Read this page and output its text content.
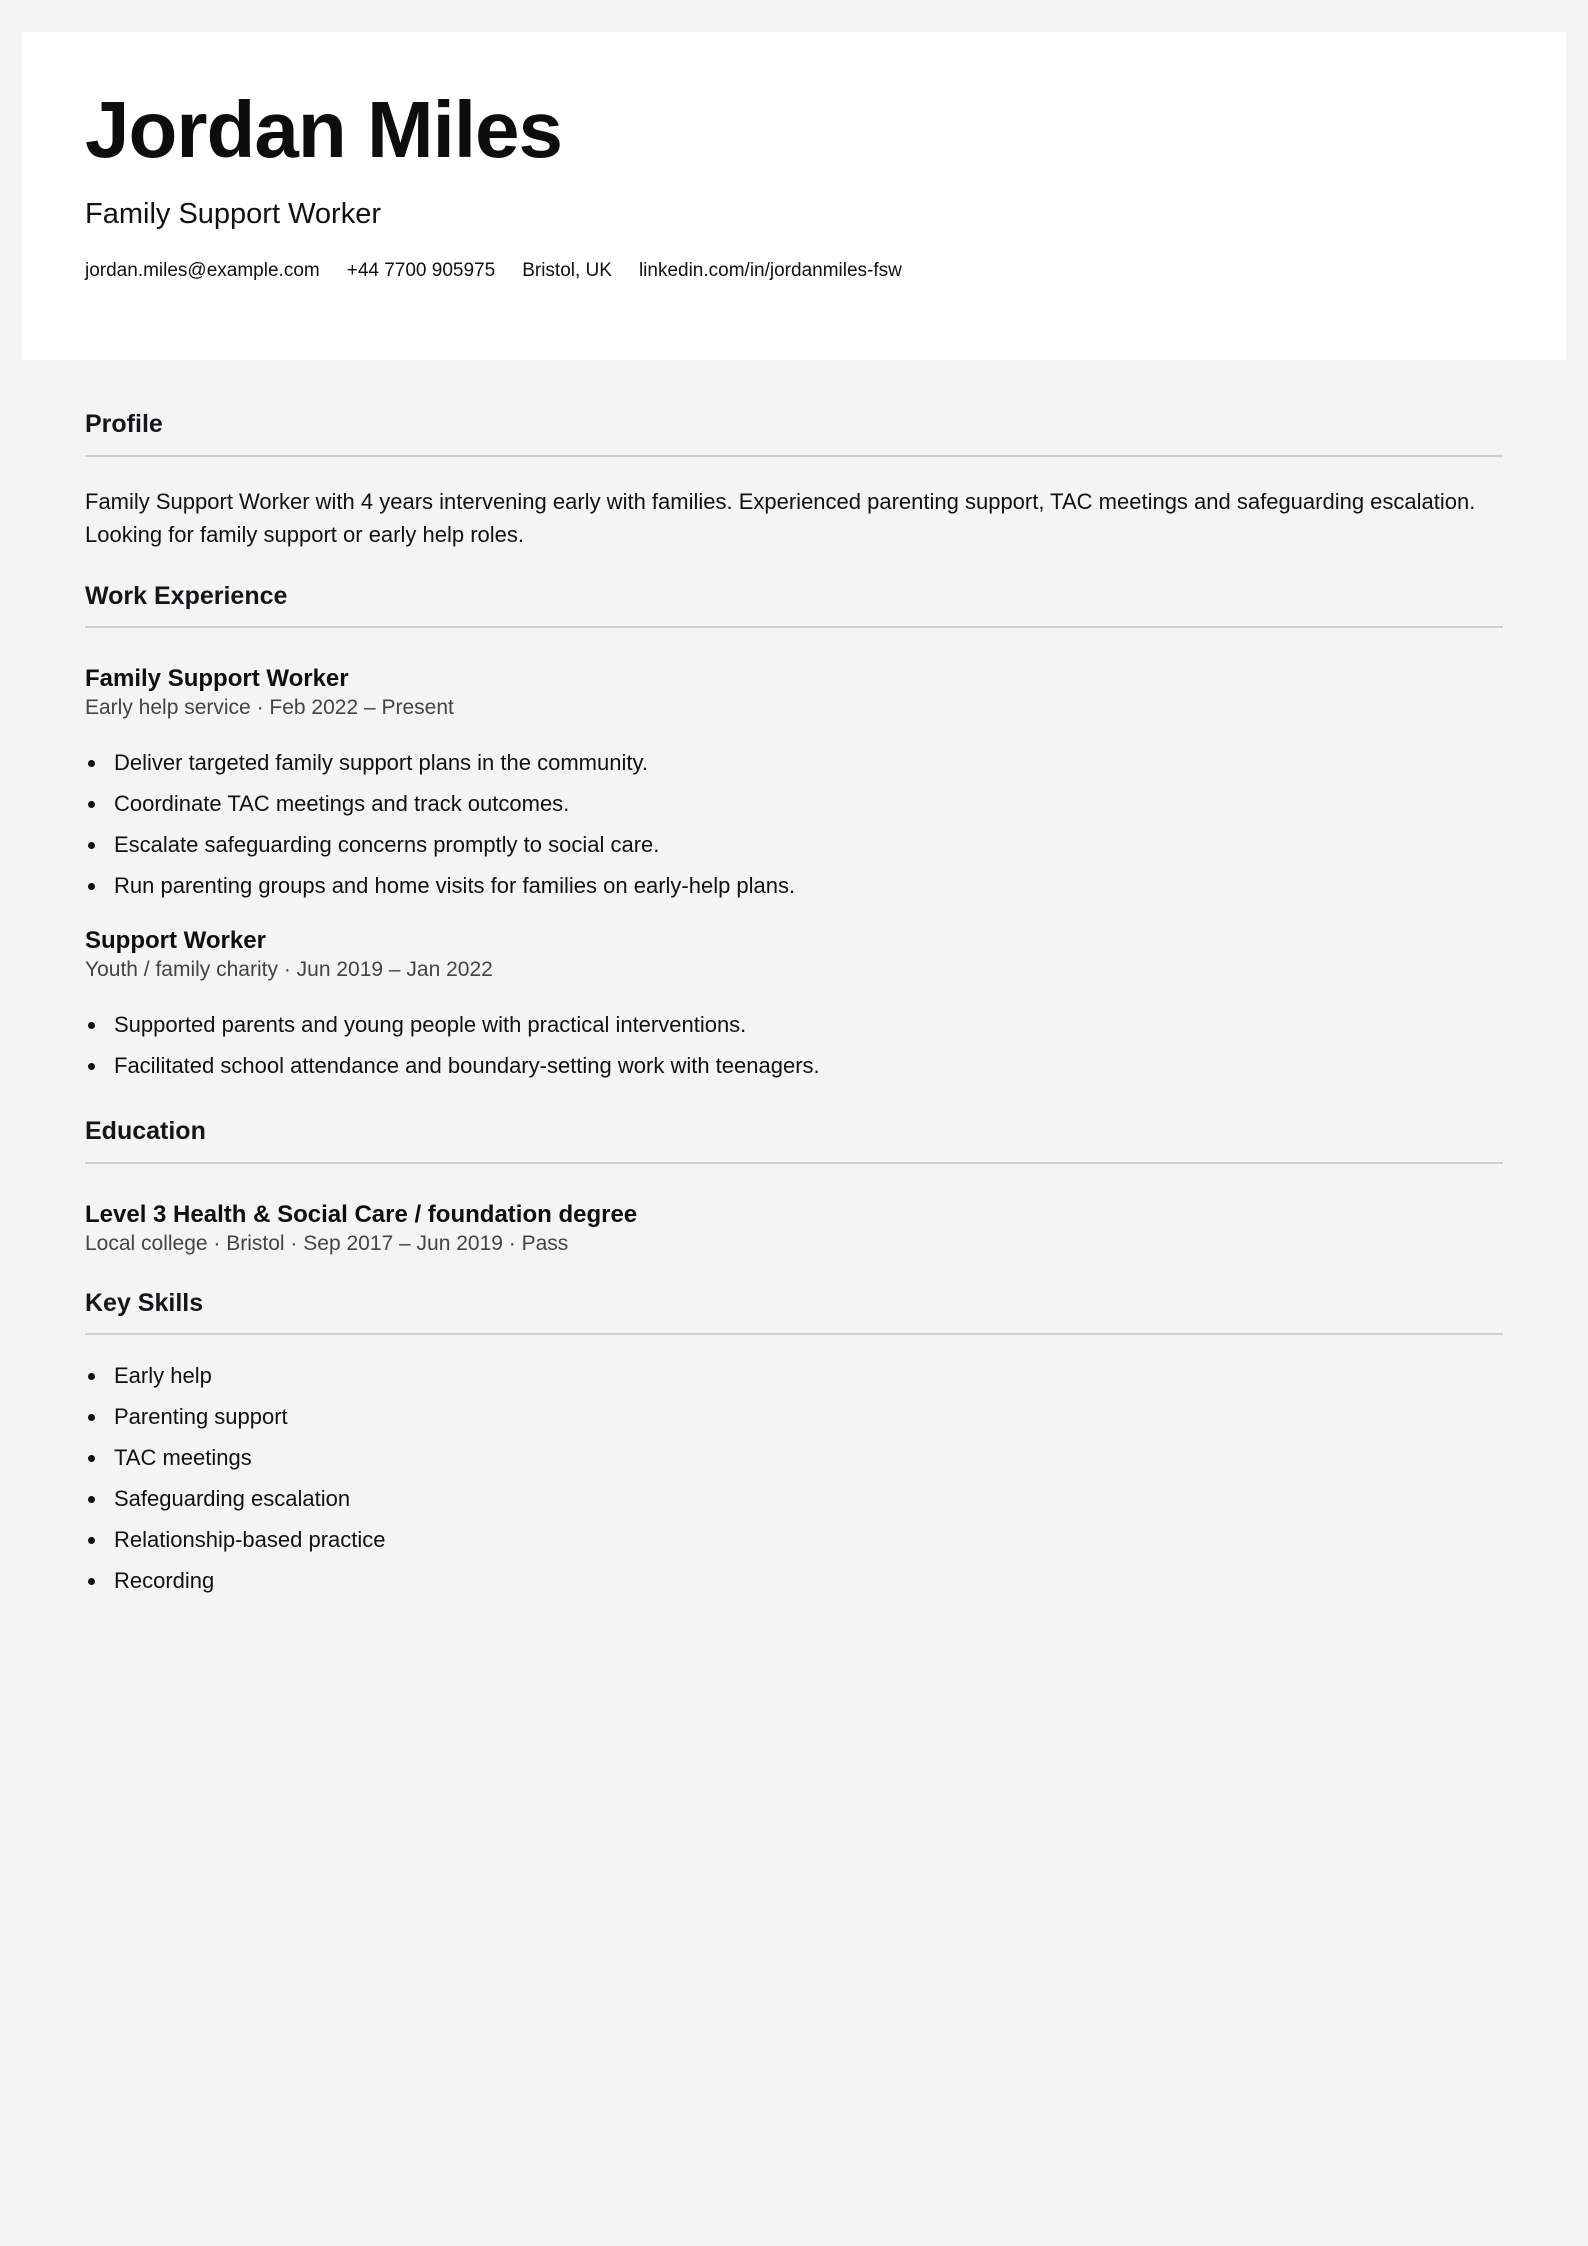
Jordan Miles
Family Support Worker
jordan.miles@example.com +44 7700 905975 Bristol, UK linkedin.com/in/jordanmiles-fsw
Profile

Family Support Worker with 4 years intervening early with families. Experienced parenting support, TAC meetings and safeguarding escalation. Looking for family support or early help roles.

Work Experience
Family Support Worker
Early help service · Feb 2022 – Present
Deliver targeted family support plans in the community.
Coordinate TAC meetings and track outcomes.
Escalate safeguarding concerns promptly to social care.
Run parenting groups and home visits for families on early-help plans.
Support Worker
Youth / family charity · Jun 2019 – Jan 2022
Supported parents and young people with practical interventions.
Facilitated school attendance and boundary-setting work with teenagers.
Education
Level 3 Health & Social Care / foundation degree
Local college · Bristol · Sep 2017 – Jun 2019 · Pass
Key Skills
Early help
Parenting support
TAC meetings
Safeguarding escalation
Relationship-based practice
Recording
